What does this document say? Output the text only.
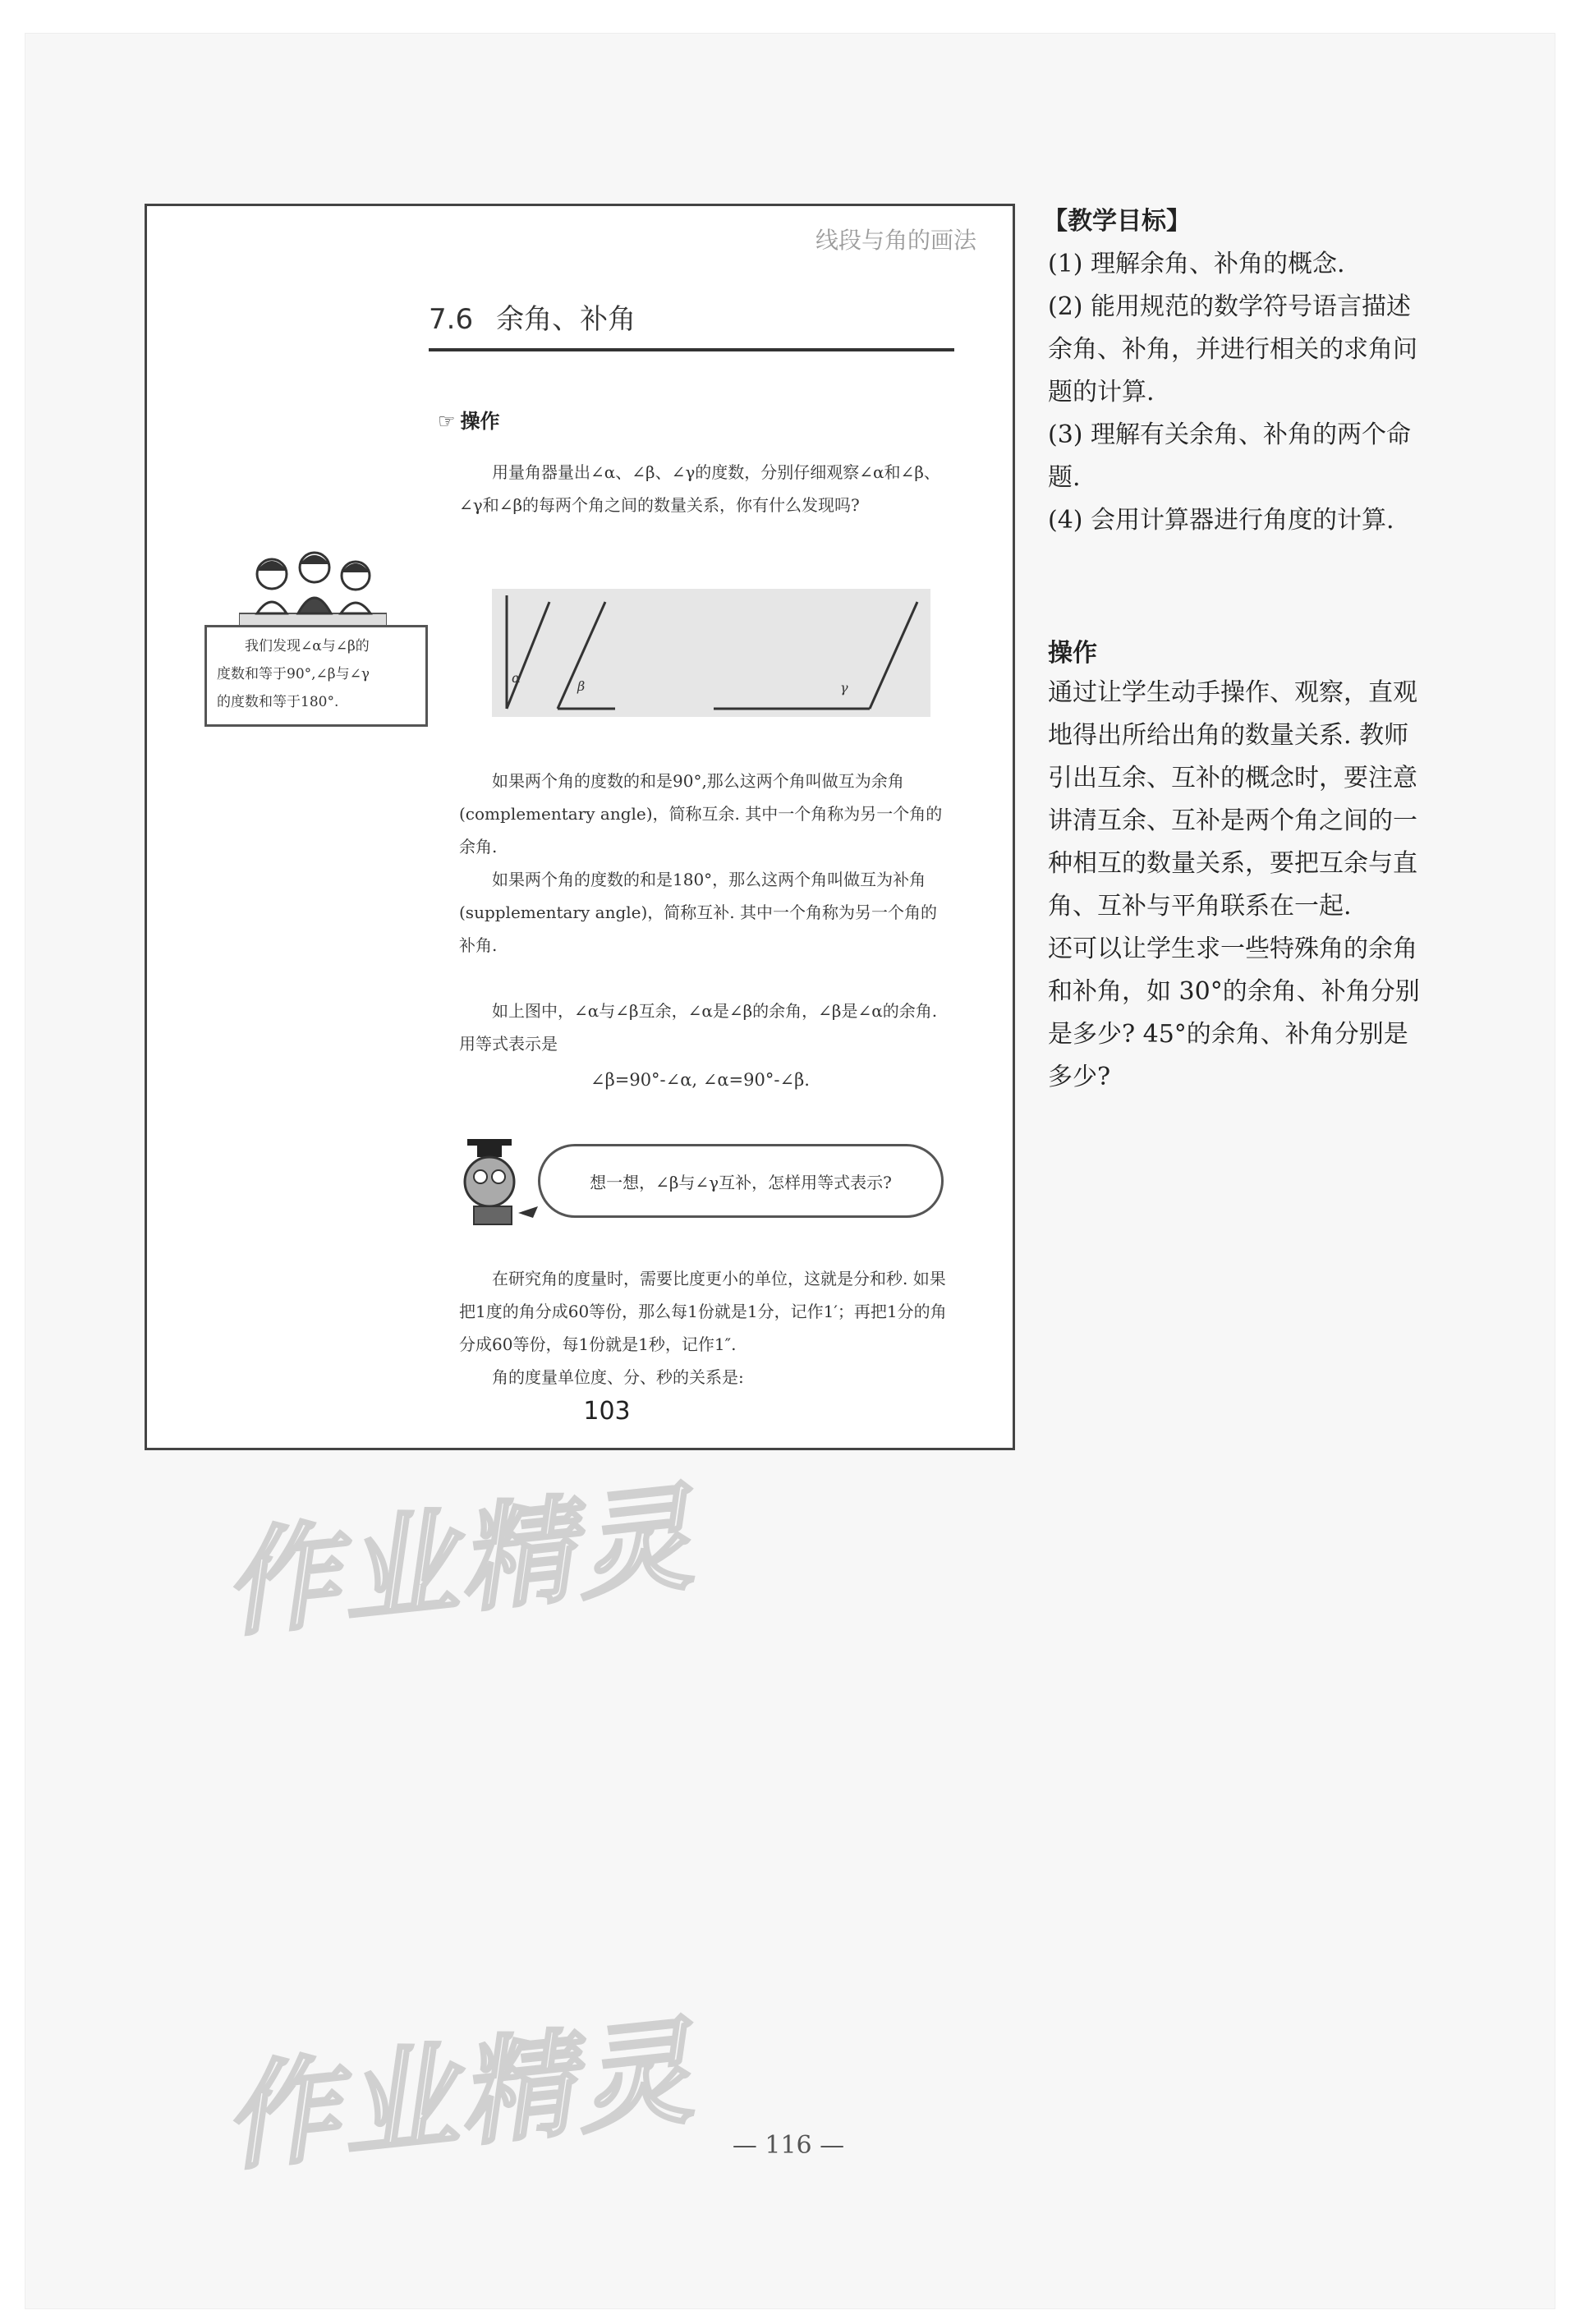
线段与角的画法
7.6 余角、补角
☞ 操作
用量角器量出∠α、∠β、∠γ的度数，分别仔细观察∠α和∠β、∠γ和∠β的每两个角之间的数量关系，你有什么发现吗?

我们发现∠α与∠β的

度数和等于90°,∠β与∠γ

的度数和等于180°.

α
β	γ
如果两个角的度数的和是90°,那么这两个角叫做互为余角(complementary angle)，简称互余. 其中一个角称为另一个角的余角.
如果两个角的度数的和是180°，那么这两个角叫做互为补角(supplementary angle)，简称互补. 其中一个角称为另一个角的补角.
如上图中，∠α与∠β互余，∠α是∠β的余角，∠β是∠α的余角. 用等式表示是
∠β=90°-∠α, ∠α=90°-∠β.
想一想，∠β与∠γ互补，怎样用等式表示?
在研究角的度量时，需要比度更小的单位，这就是分和秒. 如果把1度的角分成60等份，那么每1份就是1分，记作1′；再把1分的角分成60等份，每1份就是1秒，记作1″.
角的度量单位度、分、秒的关系是:
103
【教学目标】

(1) 理解余角、补角的概念.

(2) 能用规范的数学符号语言描述余角、补角，并进行相关的求角问题的计算.

(3) 理解有关余角、补角的两个命题.

(4) 会用计算器进行角度的计算.

操作

通过让学生动手操作、观察，直观地得出所给出角的数量关系. 教师引出互余、互补的概念时，要注意讲清互余、互补是两个角之间的一种相互的数量关系，要把互余与直角、互补与平角联系在一起.

还可以让学生求一些特殊角的余角和补角，如 30°的余角、补角分别是多少? 45°的余角、补角分别是多少?

作业精灵
作业精灵	— 116 —
